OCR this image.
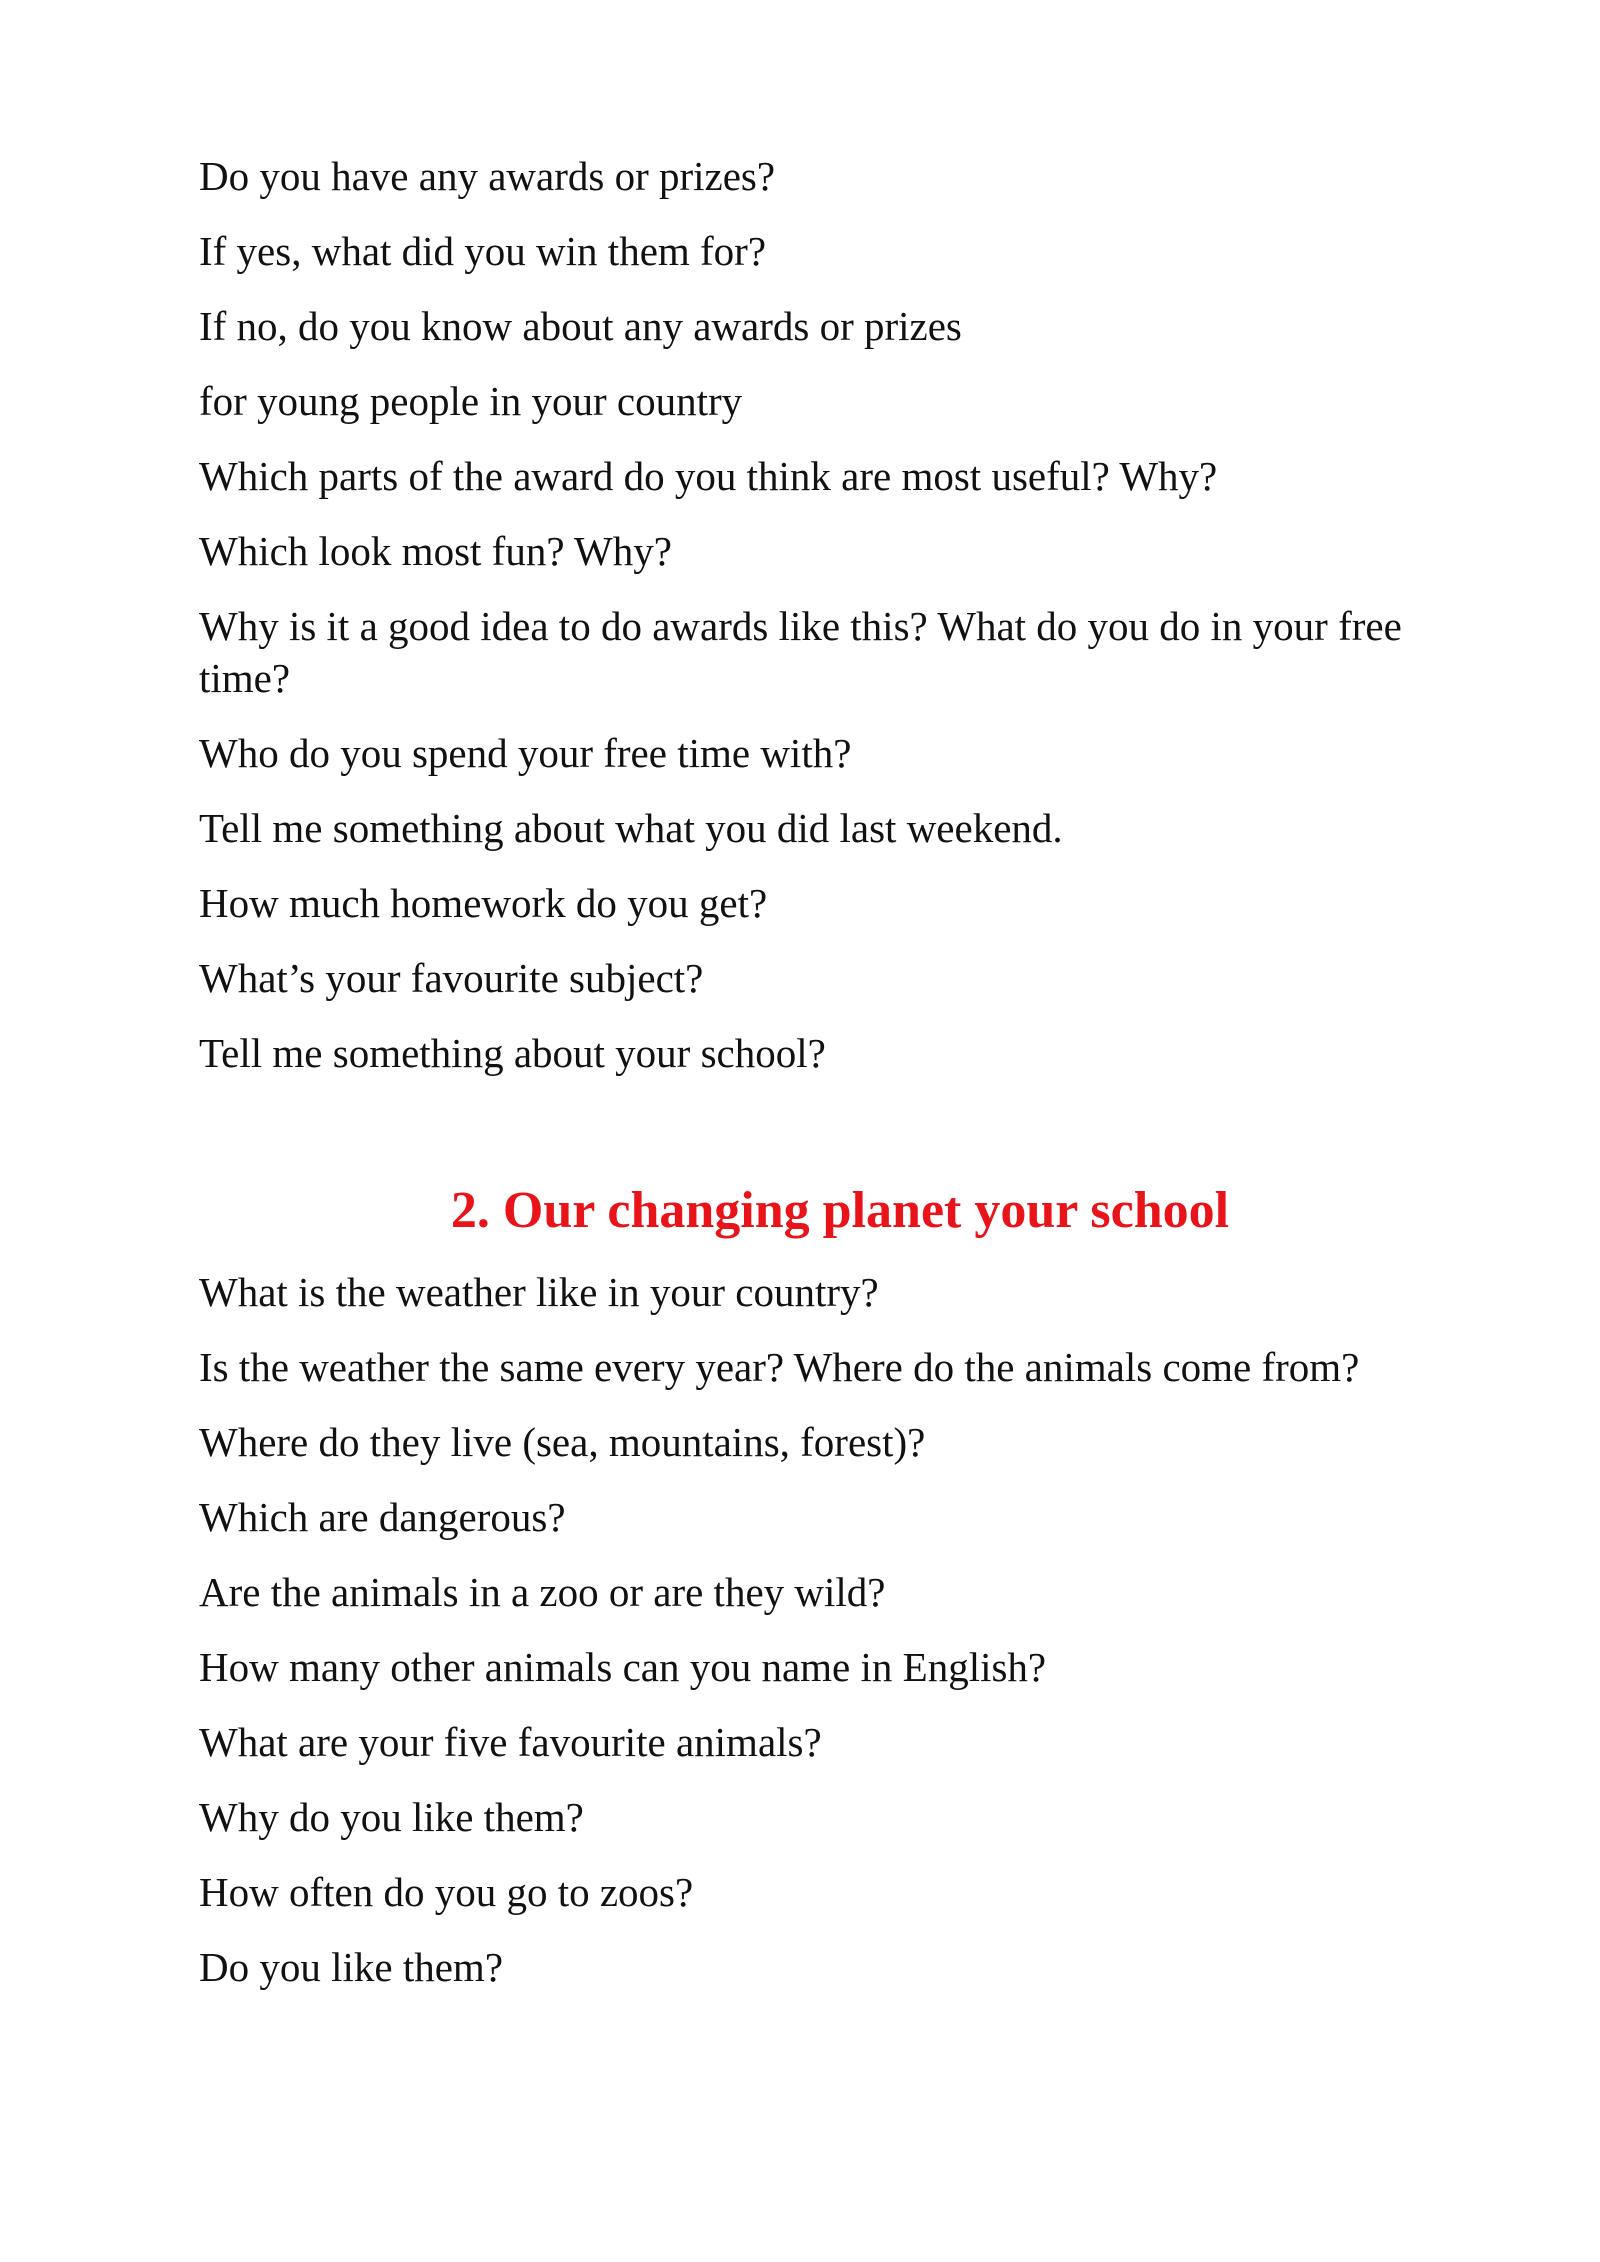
Do you have any awards or prizes?
If yes, what did you win them for?
If no, do you know about any awards or prizes
for young people in your country
Which parts of the award do you think are most useful? Why?
Which look most fun? Why?
Why is it a good idea to do awards like this? What do you do in your free time?
Who do you spend your free time with?
Tell me something about what you did last weekend.
How much homework do you get?
What’s your favourite subject?
Tell me something about your school?
2. Our changing planet your school
What is the weather like in your country?
Is the weather the same every year? Where do the animals come from?
Where do they live (sea, mountains, forest)?
Which are dangerous?
Are the animals in a zoo or are they wild?
How many other animals can you name in English?
What are your five favourite animals?
Why do you like them?
How often do you go to zoos?
Do you like them?
